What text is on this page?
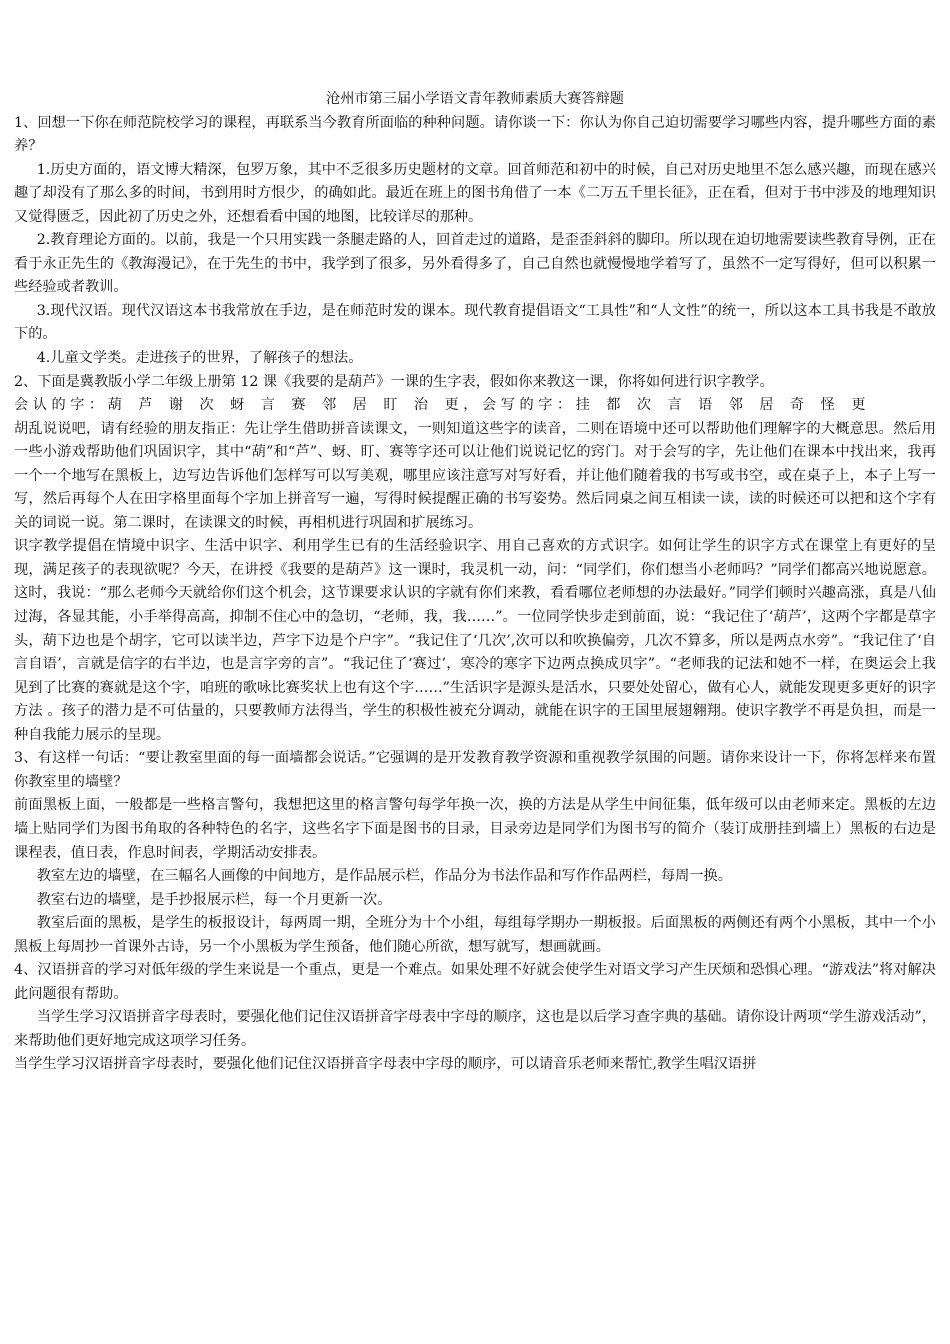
沧州市第三届小学语文青年教师素质大赛答辩题

1、回想一下你在师范院校学习的课程，再联系当今教育所面临的种种问题。请你谈一下：你认为你自己迫切需要学习哪些内容，提升哪些方面的素养？

1.历史方面的，语文博大精深，包罗万象，其中不乏很多历史题材的文章。回首师范和初中的时候，自己对历史地里不怎么感兴趣，而现在感兴趣了却没有了那么多的时间，书到用时方恨少，的确如此。最近在班上的图书角借了一本《二万五千里长征》，正在看，但对于书中涉及的地理知识又觉得匮乏，因此初了历史之外，还想看看中国的地图，比较详尽的那种。

2.教育理论方面的。以前，我是一个只用实践一条腿走路的人，回首走过的道路，是歪歪斜斜的脚印。所以现在迫切地需要读些教育导例，正在看于永正先生的《教海漫记》，在于先生的书中，我学到了很多，另外看得多了，自己自然也就慢慢地学着写了，虽然不一定写得好，但可以积累一些经验或者教训。

3.现代汉语。现代汉语这本书我常放在手边，是在师范时发的课本。现代教育提倡语文“工具性”和“人文性”的统一，所以这本工具书我是不敢放下的。

4.儿童文学类。走进孩子的世界，了解孩子的想法。

2、下面是冀教版小学二年级上册第 12 课《我要的是葫芦》一课的生字表，假如你来教这一课，你将如何进行识字教学。

会认的字：葫 芦 谢 次 蚜 言 赛 邻 居 盯 治 更，会写的字：挂 都 次 言 语 邻 居 奇 怪 更

胡乱说说吧，请有经验的朋友指正：先让学生借助拼音读课文，一则知道这些字的读音，二则在语境中还可以帮助他们理解字的大概意思。然后用一些小游戏帮助他们巩固识字，其中“葫”和“芦”、蚜、盯、赛等字还可以让他们说说记忆的窍门。对于会写的字，先让他们在课本中找出来，我再一个一个地写在黑板上，边写边告诉他们怎样写可以写美观，哪里应该注意写对写好看，并让他们随着我的书写或书空，或在桌子上，本子上写一写，然后再每个人在田字格里面每个字加上拼音写一遍，写得时候提醒正确的书写姿势。然后同桌之间互相读一读，读的时候还可以把和这个字有关的词说一说。第二课时，在读课文的时候，再相机进行巩固和扩展练习。

识字教学提倡在情境中识字、生活中识字、利用学生已有的生活经验识字、用自己喜欢的方式识字。如何让学生的识字方式在课堂上有更好的呈现，满足孩子的表现欲呢？今天，在讲授《我要的是葫芦》这一课时，我灵机一动，问：“同学们，你们想当小老师吗？”同学们都高兴地说愿意。这时，我说：“那么老师今天就给你们这个机会，这节课要求认识的字就有你们来教，看看哪位老师想的办法最好。”同学们顿时兴趣高涨，真是八仙过海，各显其能，小手举得高高，抑制不住心中的急切，“老师，我，我……”。一位同学快步走到前面，说：“我记住了‘葫芦’，这两个字都是草字头，葫下边也是个胡字，它可以读半边，芦字下边是个户字”。“我记住了‘几次’,次可以和吹换偏旁，几次不算多，所以是两点水旁”。“我记住了‘自言自语’，言就是信字的右半边，也是言字旁的言”。“我记住了‘赛过’，寒冷的寒字下边两点换成贝字”。“老师我的记法和她不一样，在奥运会上我见到了比赛的赛就是这个字，咱班的歌咏比赛奖状上也有这个字……”生活识字是源头是活水，只要处处留心，做有心人，就能发现更多更好的识字方法 。孩子的潜力是不可估量的，只要教师方法得当，学生的积极性被充分调动，就能在识字的王国里展翅翱翔。使识字教学不再是负担，而是一种自我能力展示的呈现。

3、有这样一句话：“要让教室里面的每一面墙都会说话。”它强调的是开发教育教学资源和重视教学氛围的问题。请你来设计一下，你将怎样来布置你教室里的墙壁？

前面黑板上面，一般都是一些格言警句，我想把这里的格言警句每学年换一次，换的方法是从学生中间征集，低年级可以由老师来定。黑板的左边墙上贴同学们为图书角取的各种特色的名字，这些名字下面是图书的目录，目录旁边是同学们为图书写的简介（装订成册挂到墙上）黑板的右边是课程表，值日表，作息时间表，学期活动安排表。

教室左边的墙壁，在三幅名人画像的中间地方，是作品展示栏，作品分为书法作品和写作作品两栏，每周一换。

教室右边的墙壁，是手抄报展示栏，每一个月更新一次。

教室后面的黑板，是学生的板报设计，每两周一期，全班分为十个小组，每组每学期办一期板报。后面黑板的两侧还有两个小黑板，其中一个小黑板上每周抄一首课外古诗，另一个小黑板为学生预备，他们随心所欲，想写就写，想画就画。

4、汉语拼音的学习对低年级的学生来说是一个重点，更是一个难点。如果处理不好就会使学生对语文学习产生厌烦和恐惧心理。“游戏法”将对解决此问题很有帮助。

当学生学习汉语拼音字母表时，要强化他们记住汉语拼音字母表中字母的顺序，这也是以后学习查字典的基础。请你设计两项“学生游戏活动”，来帮助他们更好地完成这项学习任务。

当学生学习汉语拼音字母表时，要强化他们记住汉语拼音字母表中字母的顺序，可以请音乐老师来帮忙,教学生唱汉语拼
